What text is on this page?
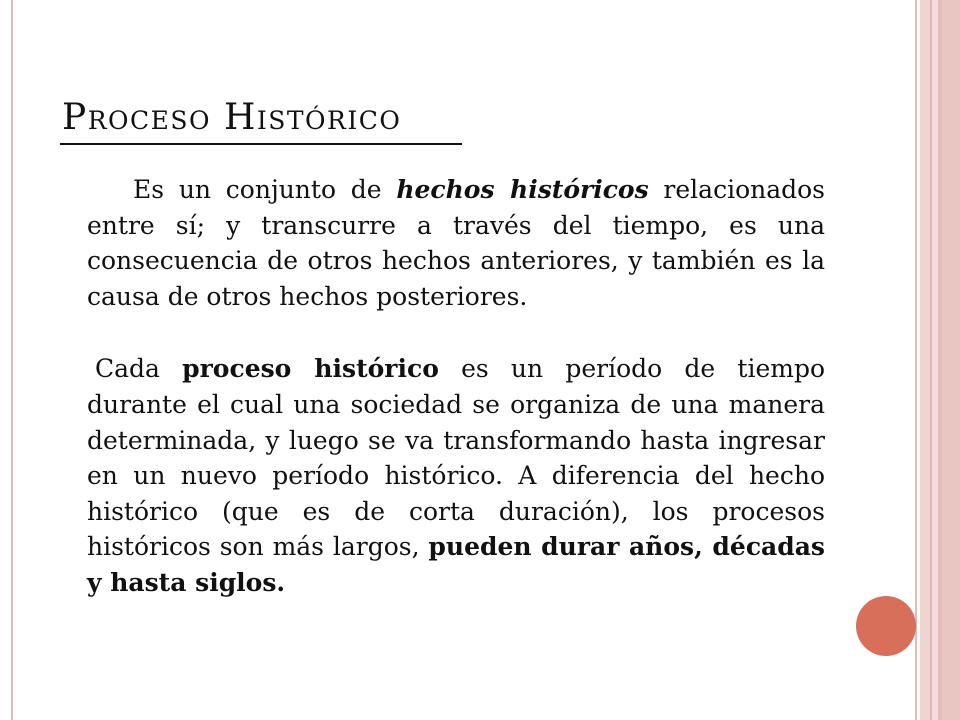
Proceso Histórico

Es un conjunto de hechos históricos relacionados entre sí; y transcurre a través del tiempo, es una consecuencia de otros hechos anteriores, y también es la causa de otros hechos posteriores.

Cada proceso histórico es un período de tiempo durante el cual una sociedad se organiza de una manera determinada, y luego se va transformando hasta ingresar en un nuevo período histórico. A diferencia del hecho histórico (que es de corta duración), los procesos históricos son más largos, pueden durar años, décadas y hasta siglos.
